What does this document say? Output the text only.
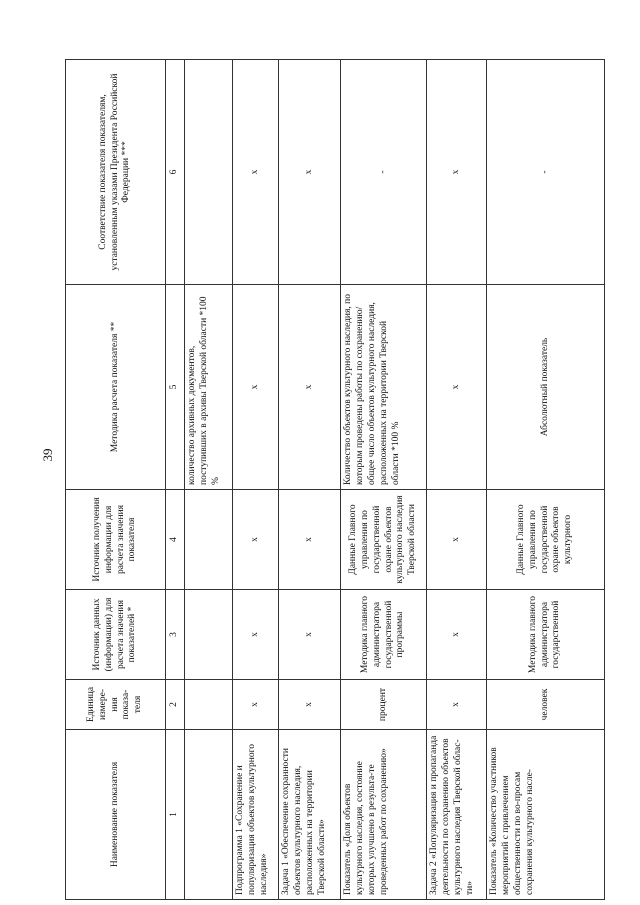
39
Наименование показателя	Единица измере-ния показа-теля	Источник данных (информации) для расчета значения показателей *	Источник получения информации для расчета значения показателя	Методика расчета показателя **	Соответствие показателя показателям, установленным указами Президента Российской Федерации ***
1	2	3	4	5	6
				количество архивных документов, поступивших в архивы Тверской области *100 %	
Подпрограмма 1 «Сохранение и популяризация объектов культурного наследия»	x	x	x	x	x
Задача 1 «Обеспечение сохранности объектов культурного наследия, расположенных на территории Тверской области»	x	x	x	x	x
Показатель «Доля объектов культурного наследия, состояние которых улучшено в результа-те проведенных работ по сохранению»	процент	Методика главного администратора государственной программы	Данные Главного управления по государственной охране объектов культурного наследия Тверской области	Количество объектов культурного наследия, по которым проведены работы по сохранению/ общее число объектов культурного наследия, расположенных на территории Тверской области *100 %	-
Задача 2 «Популяризация и пропаганда деятельности по сохранению объектов культурного наследия Тверской облас-ти»	x	x	x	x	x
Показатель «Количество участников мероприятий с привлечением общественности по во-просам сохранения культурного насле-	человек	Методика главного администратора государственной	Данные Главного управления по государственной охране объектов культурного	Абсолютный показатель	-
